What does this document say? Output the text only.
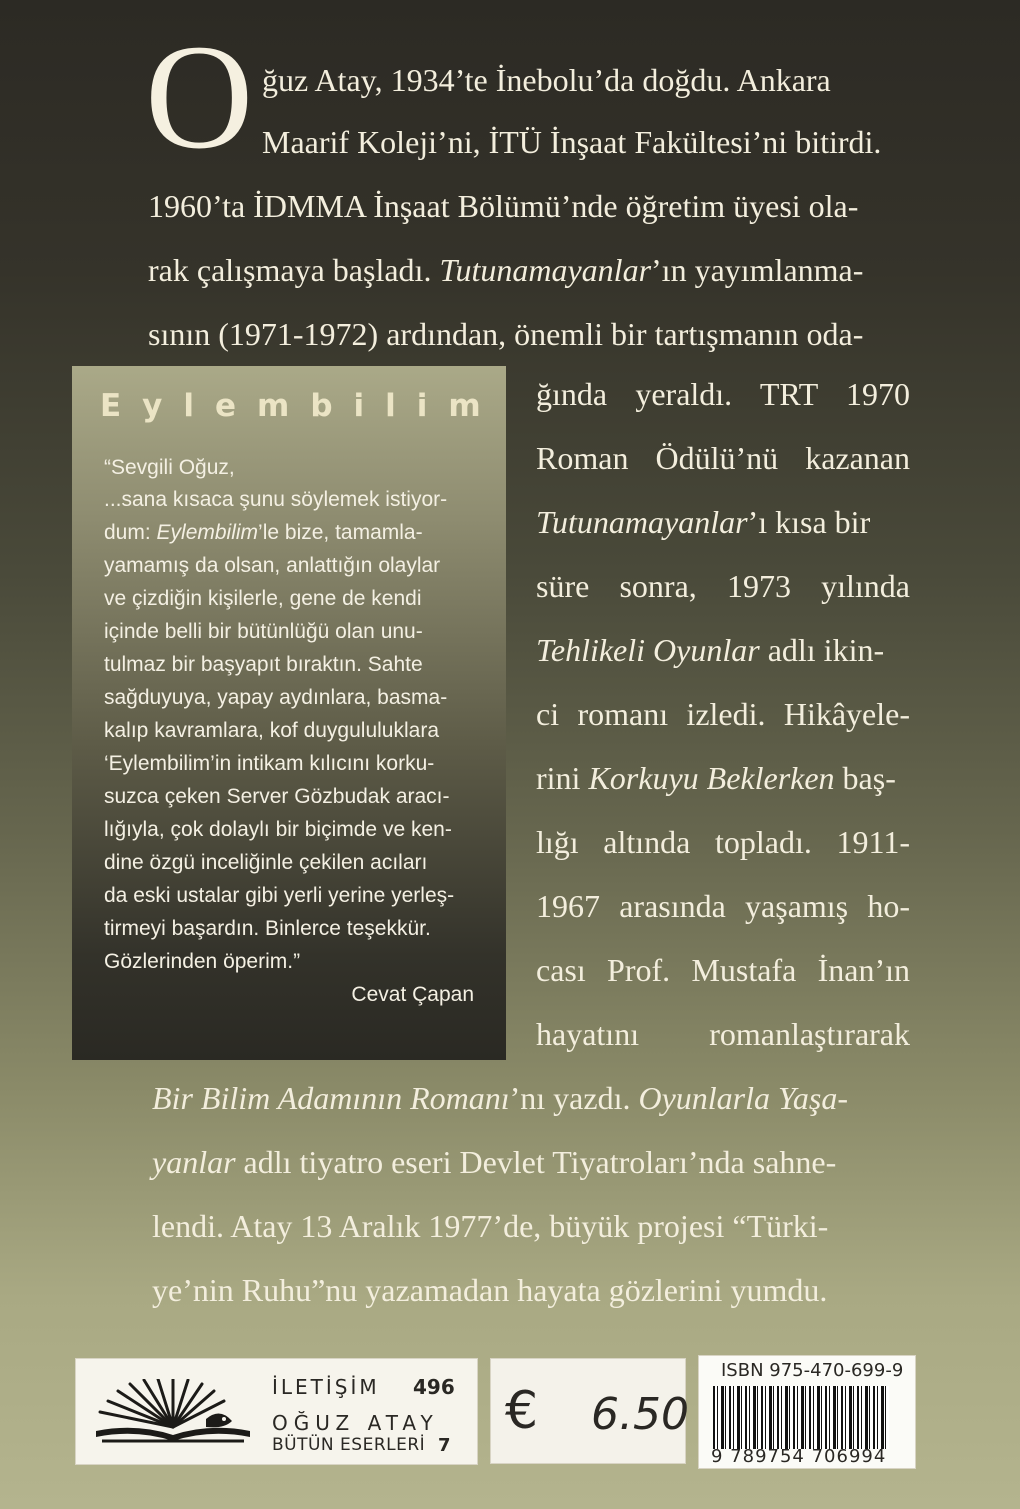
O ğuz Atay, 1934’te İnebolu’da doğdu. Ankara
Maarif Koleji’ni, İTÜ İnşaat Fakültesi’ni bitirdi.
1960’ta İDMMA İnşaat Bölümü’nde öğretim üyesi ola-
rak çalışmaya başladı. Tutunamayanlar’ın yayımlanma-
sının (1971-1972) ardından, önemli bir tartışmanın oda-
ğında yeraldı. TRT 1970
Roman Ödülü’nü kazanan
Tutunamayanlar’ı kısa bir
süre sonra, 1973 yılında
Tehlikeli Oyunlar adlı ikin-
ci romanı izledi. Hikâyele-
rini Korkuyu Beklerken baş-
lığı altında topladı. 1911-
1967 arasında yaşamış ho-
cası Prof. Mustafa İnan’ın
hayatını romanlaştırarak
Bir Bilim Adamının Romanı’nı yazdı. Oyunlarla Yaşa-
yanlar adlı tiyatro eseri Devlet Tiyatroları’nda sahne-
lendi. Atay 13 Aralık 1977’de, büyük projesi “Türki-
ye’nin Ruhu”nu yazamadan hayata gözlerini yumdu.
Eylembilim
“Sevgili Oğuz,
...sana kısaca şunu söylemek istiyor-
dum: Eylembilim’le bize, tamamla-
yamamış da olsan, anlattığın olaylar
ve çizdiğin kişilerle, gene de kendi
içinde belli bir bütünlüğü olan unu-
tulmaz bir başyapıt bıraktın. Sahte
sağduyuya, yapay aydınlara, basma-
kalıp kavramlara, kof duygululuklara
‘Eylembilim’in intikam kılıcını korku-
suzca çeken Server Gözbudak aracı-
lığıyla, çok dolaylı bir biçimde ve ken-
dine özgü inceliğinle çekilen acıları
da eski ustalar gibi yerli yerine yerleş-
tirmeyi başardın. Binlerce teşekkür.
Gözlerinden öperim.”
Cevat Çapan
İLETİŞİM 496
OĞUZ ATAY
BÜTÜN ESERLERİ 7
€ 6.50
ISBN 975-470-699-9
9 789754 706994
